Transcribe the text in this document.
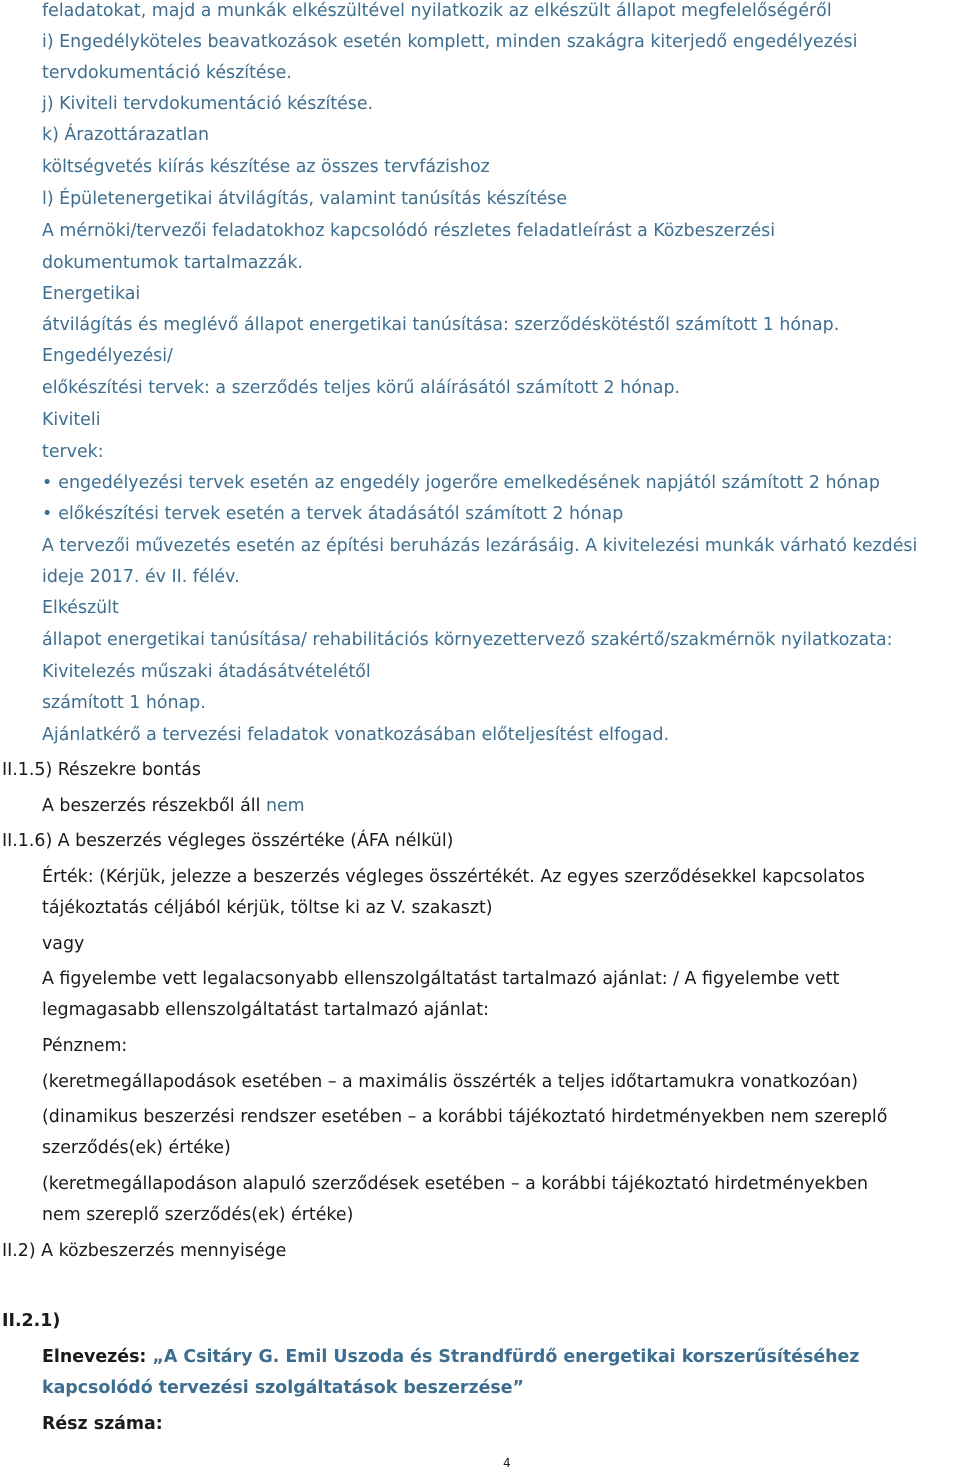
feladatokat, majd a munkák elkészültével nyilatkozik az elkészült állapot megfelelőségéről

i) Engedélyköteles beavatkozások esetén komplett, minden szakágra kiterjedő engedélyezési

tervdokumentáció készítése.

j) Kiviteli tervdokumentáció készítése.

k) Árazottárazatlan

költségvetés kiírás készítése az összes tervfázishoz

l) Épületenergetikai átvilágítás, valamint tanúsítás készítése

A mérnöki/tervezői feladatokhoz kapcsolódó részletes feladatleírást a Közbeszerzési

dokumentumok tartalmazzák.

Energetikai

átvilágítás és meglévő állapot energetikai tanúsítása: szerződéskötéstől számított 1 hónap.

Engedélyezési/

előkészítési tervek: a szerződés teljes körű aláírásától számított 2 hónap.

Kiviteli

tervek:

• engedélyezési tervek esetén az engedély jogerőre emelkedésének napjától számított 2 hónap

• előkészítési tervek esetén a tervek átadásától számított 2 hónap

A tervezői művezetés esetén az építési beruházás lezárásáig. A kivitelezési munkák várható kezdési

ideje 2017. év II. félév.

Elkészült

állapot energetikai tanúsítása/ rehabilitációs környezettervező szakértő/szakmérnök nyilatkozata:

Kivitelezés műszaki átadásátvételétől

számított 1 hónap.

Ajánlatkérő a tervezési feladatok vonatkozásában előteljesítést elfogad.

II.1.5) Részekre bontás

A beszerzés részekből áll nem

II.1.6) A beszerzés végleges összértéke (ÁFA nélkül)

Érték: (Kérjük, jelezze a beszerzés végleges összértékét. Az egyes szerződésekkel kapcsolatos

tájékoztatás céljából kérjük, töltse ki az V. szakaszt)

vagy

A figyelembe vett legalacsonyabb ellenszolgáltatást tartalmazó ajánlat: / A figyelembe vett

legmagasabb ellenszolgáltatást tartalmazó ajánlat:

Pénznem:

(keretmegállapodások esetében – a maximális összérték a teljes időtartamukra vonatkozóan)

(dinamikus beszerzési rendszer esetében – a korábbi tájékoztató hirdetményekben nem szereplő

szerződés(ek) értéke)

(keretmegállapodáson alapuló szerződések esetében – a korábbi tájékoztató hirdetményekben

nem szereplő szerződés(ek) értéke)

II.2) A közbeszerzés mennyisége

II.2.1)

Elnevezés: „A Csitáry G. Emil Uszoda és Strandfürdő energetikai korszerűsítéséhez

kapcsolódó tervezési szolgáltatások beszerzése”

Rész száma:

4
